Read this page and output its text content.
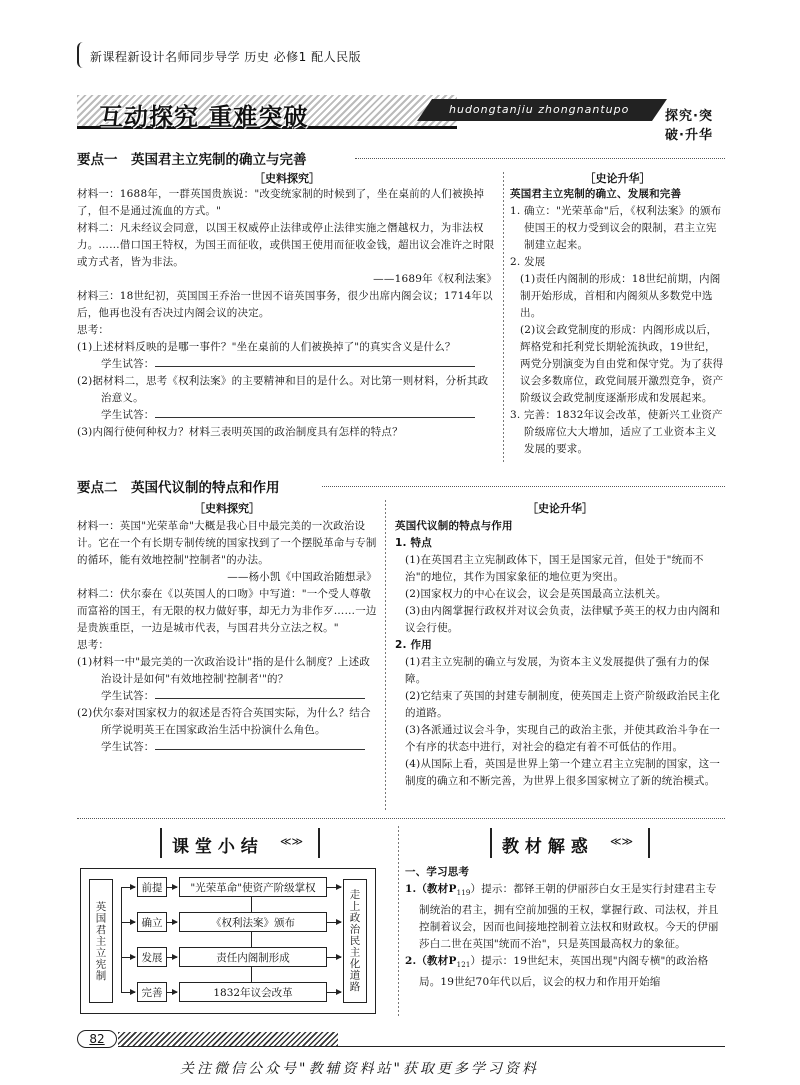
新课程新设计名师同步导学 历史 必修1 配人民版
互动探究 重难突破	hudongtanjiu zhongnantupo	探究·突破·升华
要点一　英国君主立宪制的确立与完善
［史料探究］
材料一：1688年，一群英国贵族说："改变统家制的时候到了，坐在桌前的人们被换掉了，但不是通过流血的方式。"
材料二：凡未经议会同意，以国王权威停止法律或停止法律实施之僭越权力，为非法权力。……借口国王特权，为国王而征收，或供国王使用而征收金钱，超出议会准许之时限或方式者，皆为非法。
——1689年《权利法案》
材料三：18世纪初，英国国王乔治一世因不谙英国事务，很少出席内阁会议；1714年以后，他再也没有否决过内阁会议的决定。
思考：
(1)上述材料反映的是哪一事件？"坐在桌前的人们被换掉了"的真实含义是什么？
学生试答：
(2)据材料二，思考《权利法案》的主要精神和目的是什么。对比第一则材料，分析其政治意义。
学生试答：
(3)内阁行使何种权力？材料三表明英国的政治制度具有怎样的特点？
［史论升华］
英国君主立宪制的确立、发展和完善
1. 确立："光荣革命"后，《权利法案》的颁布使国王的权力受到议会的限制，君主立宪制建立起来。
2. 发展
(1)责任内阁制的形成：18世纪前期，内阁制开始形成，首相和内阁须从多数党中选出。
(2)议会政党制度的形成：内阁形成以后，辉格党和托利党长期轮流执政，19世纪，两党分别演变为自由党和保守党。为了获得议会多数席位，政党间展开激烈竞争，资产阶级议会政党制度逐渐形成和发展起来。
3. 完善：1832年议会改革，使新兴工业资产阶级席位大大增加，适应了工业资本主义发展的要求。
要点二　英国代议制的特点和作用
［史料探究］
材料一：英国"光荣革命"大概是我心目中最完美的一次政治设计。它在一个有长期专制传统的国家找到了一个摆脱革命与专制的循环，能有效地控制"控制者"的办法。
——杨小凯《中国政治随想录》
材料二：伏尔泰在《以英国人的口吻》中写道："一个受人尊敬而富裕的国王，有无限的权力做好事，却无力为非作歹……一边是贵族重臣，一边是城市代表，与国君共分立法之权。"
思考：
(1)材料一中"最完美的一次政治设计"指的是什么制度？上述政治设计是如何"有效地控制'控制者'"的？
学生试答：
(2)伏尔泰对国家权力的叙述是否符合英国实际，为什么？结合所学说明英王在国家政治生活中扮演什么角色。
学生试答：
［史论升华］
英国代议制的特点与作用
1. 特点
(1)在英国君主立宪制政体下，国王是国家元首，但处于"统而不治"的地位，其作为国家象征的地位更为突出。
(2)国家权力的中心在议会，议会是英国最高立法机关。
(3)由内阁掌握行政权并对议会负责，法律赋予英王的权力由内阁和议会行使。
2. 作用
(1)君主立宪制的确立与发展，为资本主义发展提供了强有力的保障。
(2)它结束了英国的封建专制制度，使英国走上资产阶级政治民主化的道路。
(3)各派通过议会斗争，实现自己的政治主张，并使其政治斗争在一个有序的状态中进行，对社会的稳定有着不可低估的作用。
(4)从国际上看，英国是世界上第一个建立君主立宪制的国家，这一制度的确立和不断完善，为世界上很多国家树立了新的统治模式。
课 堂 小 结 ≪≫
英国君主立宪制	走上政治民主化道路
前提	"光荣革命"使资产阶级掌权
确立	《权利法案》颁布
发展	责任内阁制形成
完善	1832年议会改革
教 材 解 惑 ≪≫
一、学习思考
1.（教材$P_{119}$）提示：都铎王朝的伊丽莎白女王是实行封建君主专制统治的君主，拥有空前加强的王权，掌握行政、司法权，并且控制着议会，因而也间接地控制着立法权和财政权。今天的伊丽莎白二世在英国"统而不治"，只是英国最高权力的象征。
2.（教材$P_{121}$）提示：19世纪末，英国出现"内阁专横"的政治格局。19世纪70年代以后，议会的权力和作用开始缩
82
关注微信公众号"教辅资料站"获取更多学习资料
